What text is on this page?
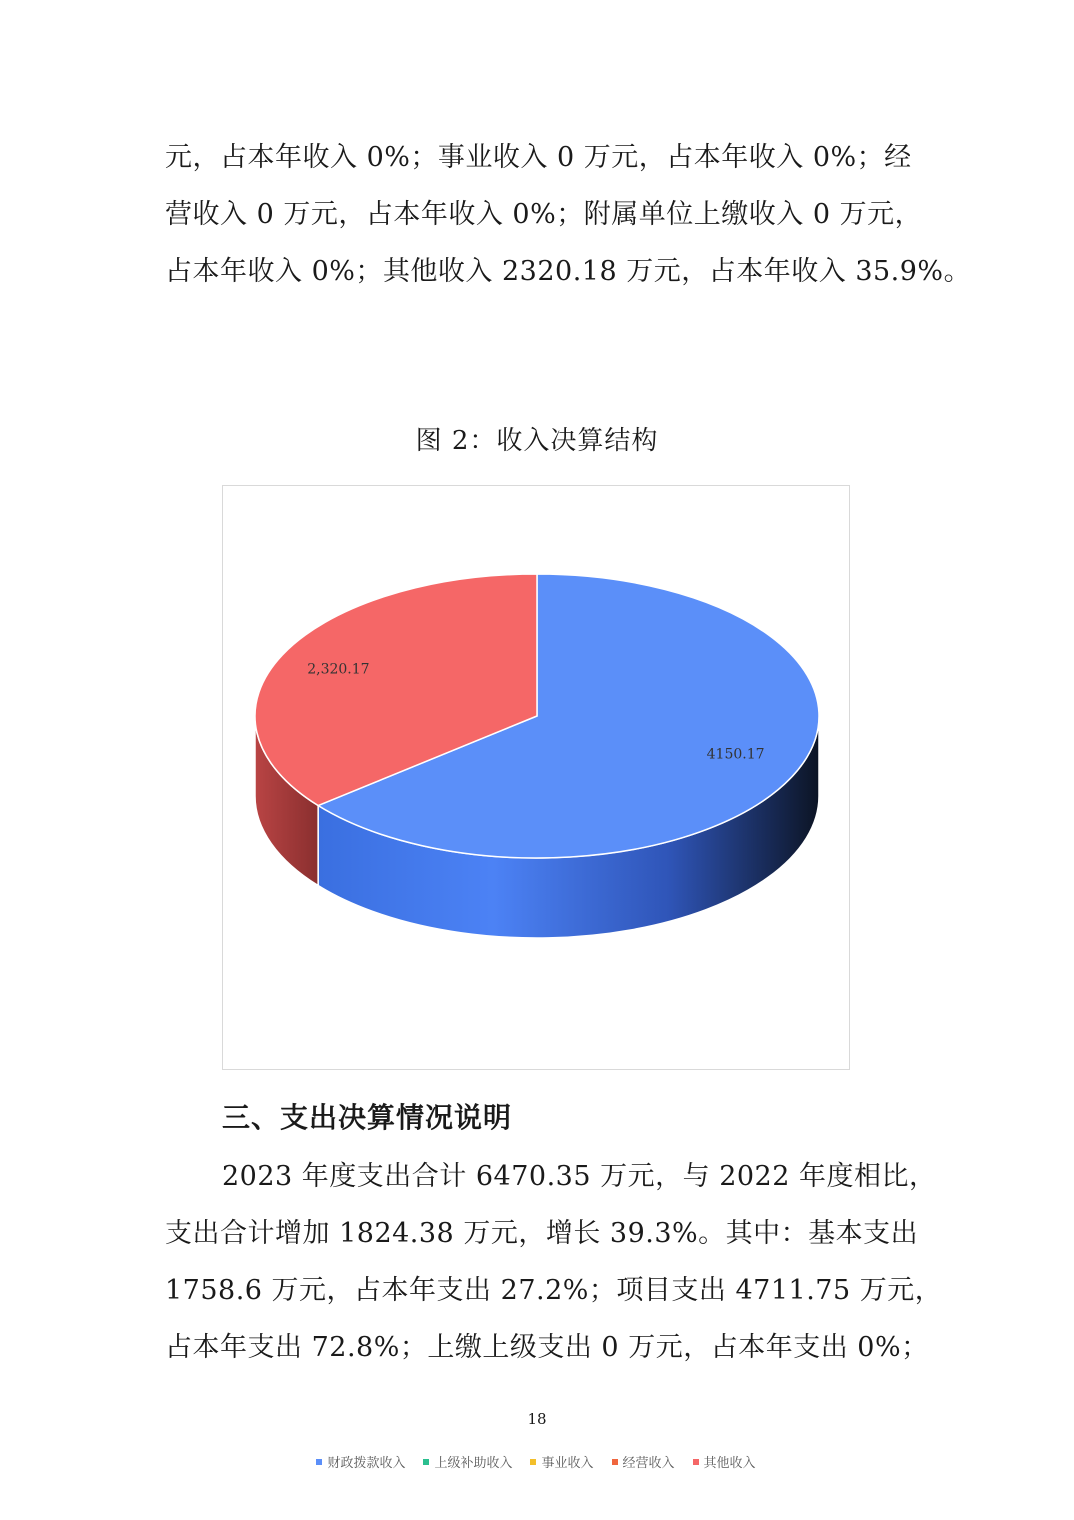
元，占本年收入 0%；事业收入 0 万元，占本年收入 0%；经
营收入 0 万元，占本年收入 0%；附属单位上缴收入 0 万元，
占本年收入 0%；其他收入 2320.18 万元，占本年收入 35.9%。
图 2：收入决算结构
4150.17
2,320.17
财政拨款收入 上级补助收入 事业收入 经营收入 其他收入
三、支出决算情况说明
2023 年度支出合计 6470.35 万元，与 2022 年度相比，
支出合计增加 1824.38 万元，增长 39.3%。其中：基本支出
1758.6 万元，占本年支出 27.2%；项目支出 4711.75 万元，
占本年支出 72.8%；上缴上级支出 0 万元，占本年支出 0%；
18
